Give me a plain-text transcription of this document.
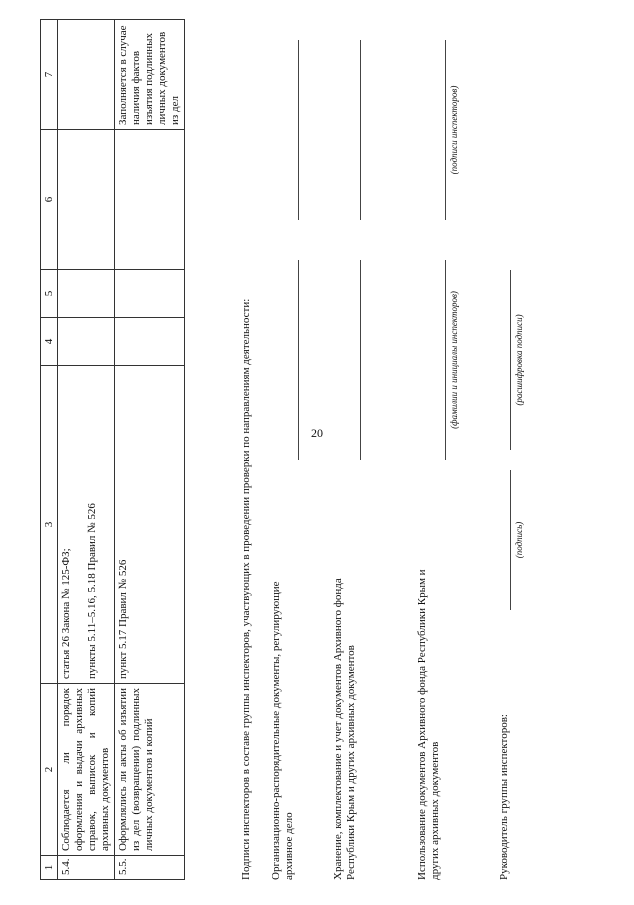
20
1	2	3	4	5	6	7
5.4.	Соблюдается ли порядок оформления и выдачи архивных справок, выписок и копий архивных документов	статья 26 Закона № 125-ФЗ; пункты 5.11–5.16, 5.18 Правил № 526				

5.5.	Оформлялись ли акты об изъятии из дел (возвращении) подлинных личных документов и копий	пункт 5.17 Правил № 526				Заполняется в случае наличия фактов изъятия подлинных личных документов из дел
Подписи инспекторов в составе группы инспекторов, участвующих в проведении проверки по направлениям деятельности: Организационно-распорядительные документы, регулирующие архивное дело	Хранение, комплектование и учет документов Архивного фонда Республики Крым и других архивных документов	Использование документов Архивного фонда Республики Крым и других архивных документов
(фамилии и инициалы инспекторов)
(подписи инспекторов)
Руководитель группы инспекторов:
(подпись)
(расшифровка подписи)
